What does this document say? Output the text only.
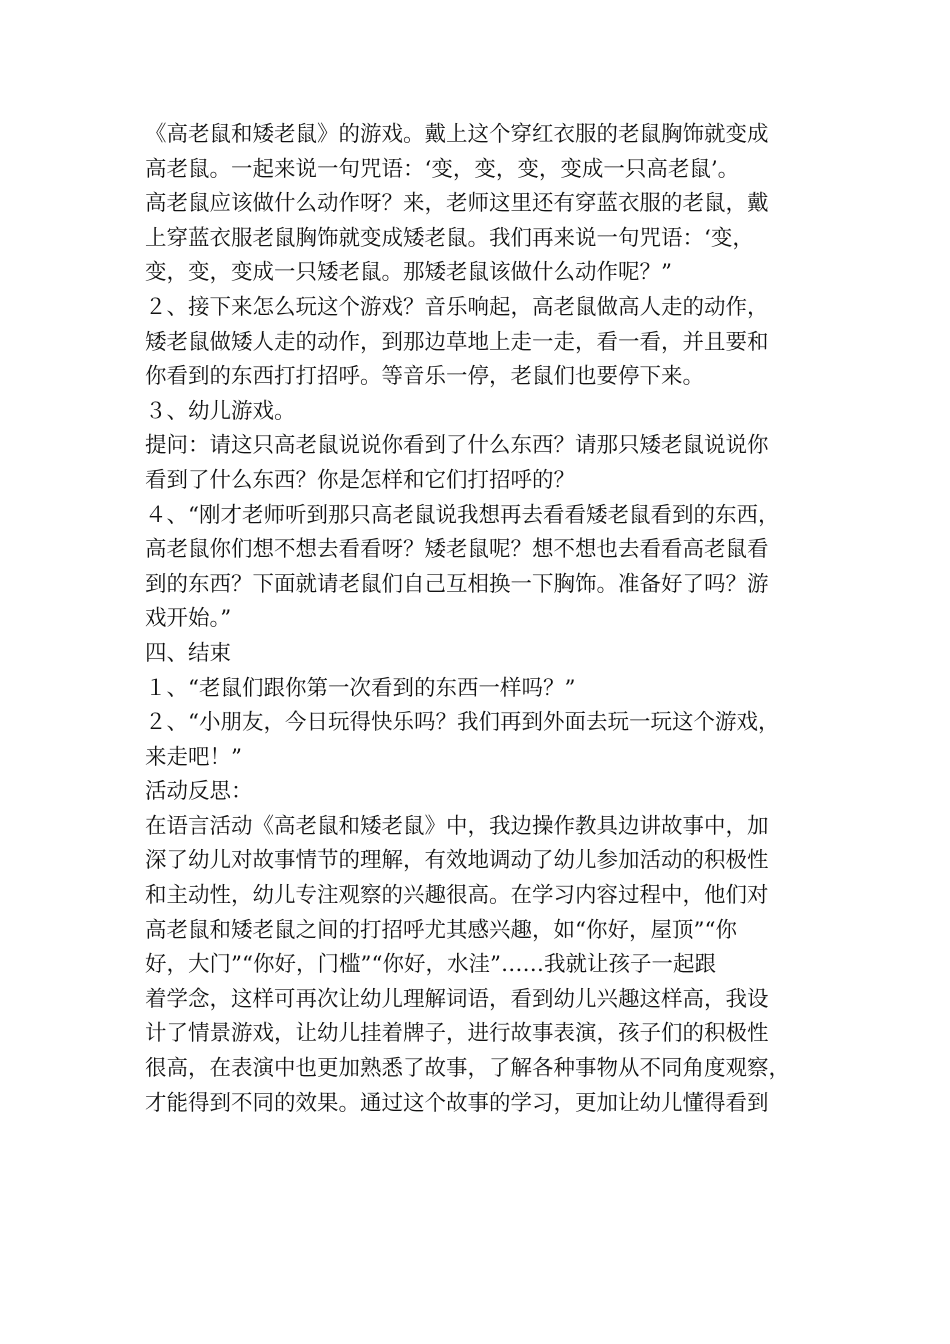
《高老鼠和矮老鼠》的游戏。戴上这个穿红衣服的老鼠胸饰就变成
高老鼠。一起来说一句咒语：‘变，变，变，变成一只高老鼠’。
高老鼠应该做什么动作呀？来，老师这里还有穿蓝衣服的老鼠，戴
上穿蓝衣服老鼠胸饰就变成矮老鼠。我们再来说一句咒语：‘变，
变，变，变成一只矮老鼠。那矮老鼠该做什么动作呢？”
２、接下来怎么玩这个游戏？音乐响起，高老鼠做高人走的动作，
矮老鼠做矮人走的动作，到那边草地上走一走，看一看，并且要和
你看到的东西打打招呼。等音乐一停，老鼠们也要停下来。
３、幼儿游戏。
提问：请这只高老鼠说说你看到了什么东西？请那只矮老鼠说说你
看到了什么东西？你是怎样和它们打招呼的？
４、“刚才老师听到那只高老鼠说我想再去看看矮老鼠看到的东西，
高老鼠你们想不想去看看呀？矮老鼠呢？想不想也去看看高老鼠看
到的东西？下面就请老鼠们自己互相换一下胸饰。准备好了吗？游
戏开始。”
四、结束
１、“老鼠们跟你第一次看到的东西一样吗？”
２、“小朋友，今日玩得快乐吗？我们再到外面去玩一玩这个游戏，
来走吧！”
活动反思：
在语言活动《高老鼠和矮老鼠》中，我边操作教具边讲故事中，加
深了幼儿对故事情节的理解，有效地调动了幼儿参加活动的积极性
和主动性，幼儿专注观察的兴趣很高。在学习内容过程中，他们对
高老鼠和矮老鼠之间的打招呼尤其感兴趣，如“你好，屋顶”“你
好，大门”“你好，门槛”“你好，水洼”……我就让孩子一起跟
着学念，这样可再次让幼儿理解词语，看到幼儿兴趣这样高，我设
计了情景游戏，让幼儿挂着牌子，进行故事表演，孩子们的积极性
很高，在表演中也更加熟悉了故事，了解各种事物从不同角度观察，
才能得到不同的效果。通过这个故事的学习，更加让幼儿懂得看到
